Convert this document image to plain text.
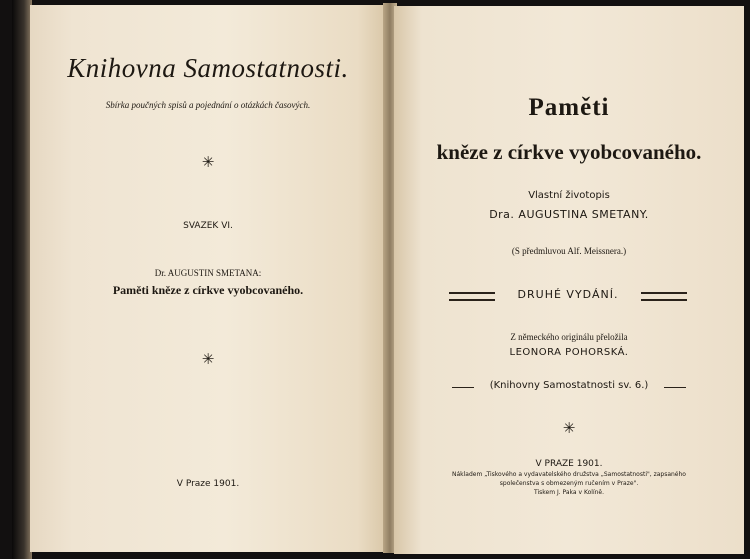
Knihovna Samostatnosti.
Sbírka poučných spisů a pojednání o otázkách časových.
✳
SVAZEK VI.
Dr. AUGUSTIN SMETANA:
Paměti kněze z církve vyobcovaného.
✳
V Praze 1901.
Paměti
kněze z církve vyobcovaného.
Vlastní životopis
Dra. AUGUSTINA SMETANY.
(S předmluvou Alf. Meissnera.)
DRUHÉ VYDÁNÍ.
Z německého originálu přeložila
LEONORA POHORSKÁ.
(Knihovny Samostatnosti sv. 6.)
✳
V PRAZE 1901.
Nákladem „Tiskového a vydavatelského družstva „Samostatnosti", zapsaného
společenstva s obmezeným ručením v Praze".
Tiskem J. Paka v Kolíně.
